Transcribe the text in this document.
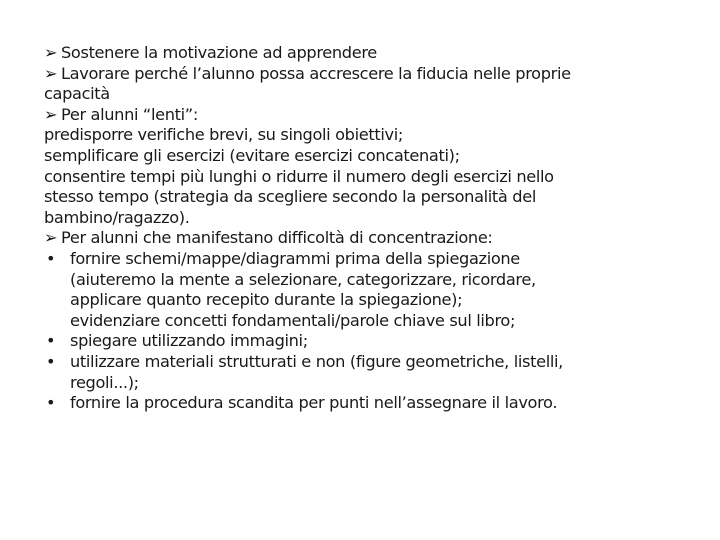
➢ Sostenere la motivazione ad apprendere
➢ Lavorare perché l’alunno possa accrescere la fiducia nelle proprie
capacità
➢ Per alunni “lenti”:
predisporre verifiche brevi, su singoli obiettivi;
semplificare gli esercizi (evitare esercizi concatenati);
consentire tempi più lunghi o ridurre il numero degli esercizi nello
stesso tempo (strategia da scegliere secondo la personalità del
bambino/ragazzo).
➢ Per alunni che manifestano difficoltà di concentrazione:
• fornire schemi/mappe/diagrammi prima della spiegazione
(aiuteremo la mente a selezionare, categorizzare, ricordare,
applicare quanto recepito durante la spiegazione);
evidenziare concetti fondamentali/parole chiave sul libro;
• spiegare utilizzando immagini;
• utilizzare materiali strutturati e non (figure geometriche, listelli,
regoli...);
• fornire la procedura scandita per punti nell’assegnare il lavoro.
